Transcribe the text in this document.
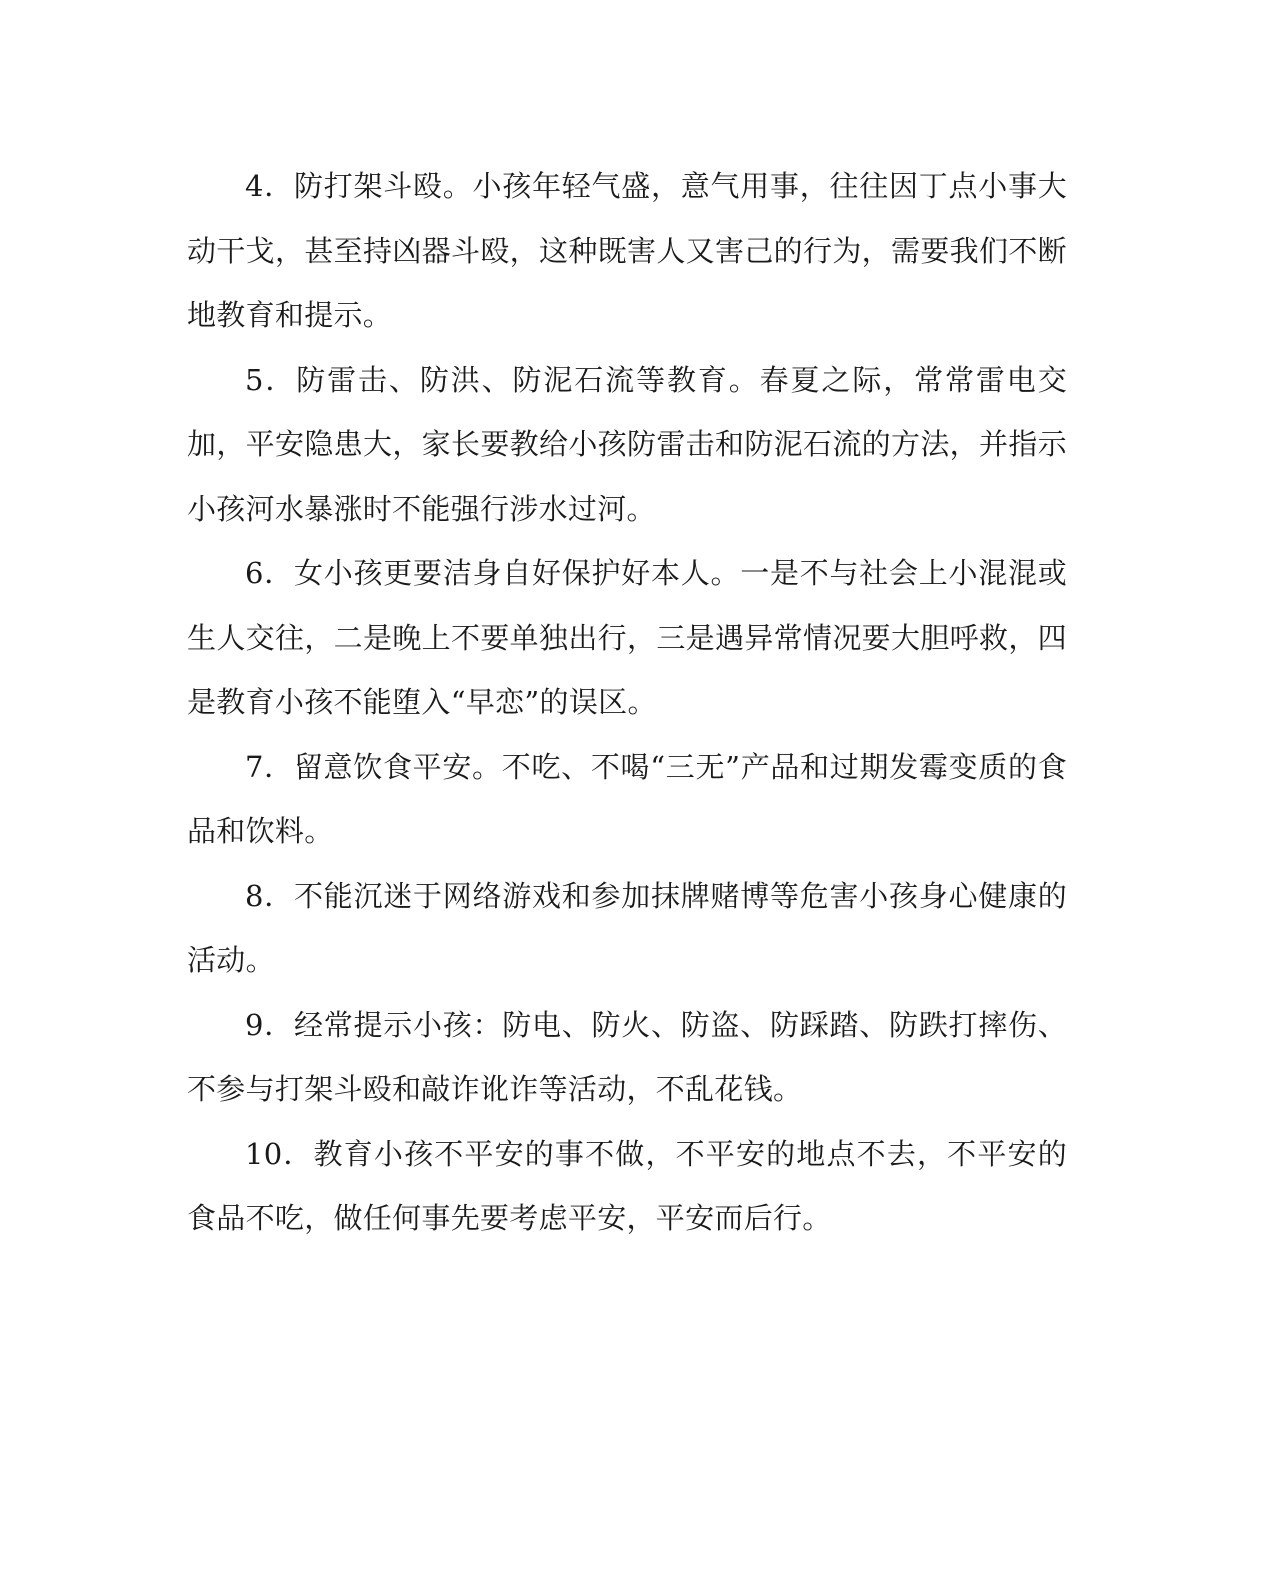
4．防打架斗殴。小孩年轻气盛，意气用事，往往因丁点小事大动干戈，甚至持凶器斗殴，这种既害人又害己的行为，需要我们不断地教育和提示。

5．防雷击、防洪、防泥石流等教育。春夏之际，常常雷电交加，平安隐患大，家长要教给小孩防雷击和防泥石流的方法，并指示小孩河水暴涨时不能强行涉水过河。

6．女小孩更要洁身自好保护好本人。一是不与社会上小混混或生人交往，二是晚上不要单独出行，三是遇异常情况要大胆呼救，四是教育小孩不能堕入“早恋”的误区。

7．留意饮食平安。不吃、不喝“三无”产品和过期发霉变质的食品和饮料。

8．不能沉迷于网络游戏和参加抹牌赌博等危害小孩身心健康的活动。

9．经常提示小孩：防电、防火、防盗、防踩踏、防跌打摔伤、不参与打架斗殴和敲诈讹诈等活动，不乱花钱。

10．教育小孩不平安的事不做，不平安的地点不去，不平安的食品不吃，做任何事先要考虑平安，平安而后行。
